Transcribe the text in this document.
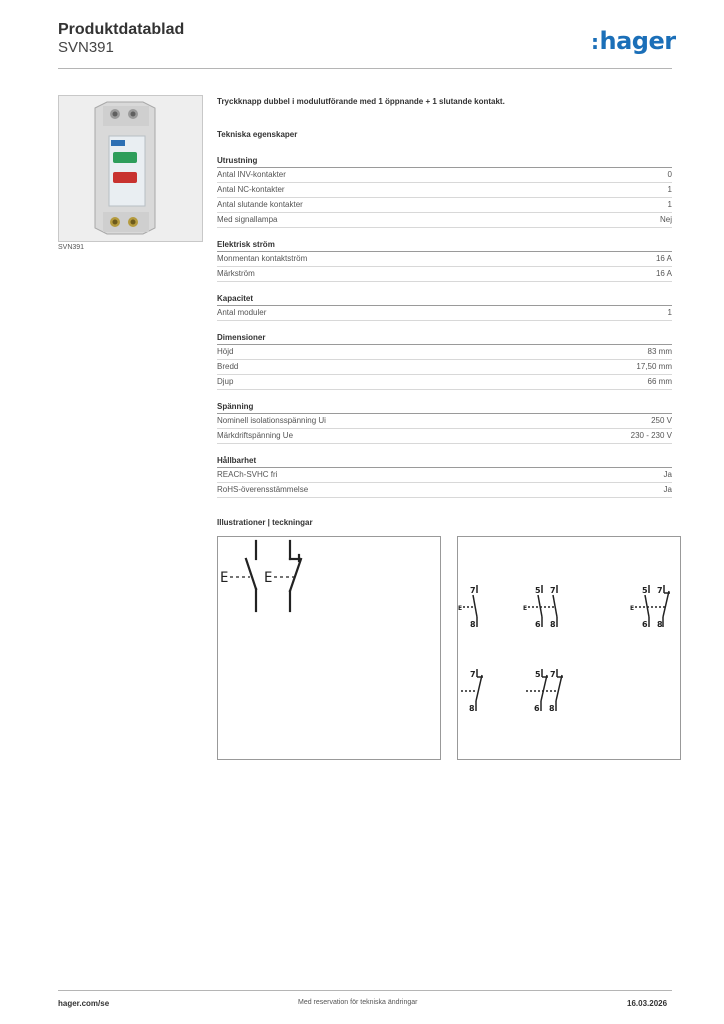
Produktdatablad
SVN391	:hager
SVN391
Tryckknapp dubbel i modulutförande med 1 öppnande + 1 slutande kontakt.
Tekniska egenskaper
Utrustning
Antal INV-kontakter	0
Antal NC-kontakter	1
Antal slutande kontakter	1
Med signallampa	Nej
Elektrisk ström
Monmentan kontaktström	16 A
Märkström	16 A
Kapacitet
Antal moduler	1
Dimensioner
Höjd	83 mm
Bredd	17,50 mm
Djup	66 mm
Spänning
Nominell isolationsspänning Ui	250 V
Märkdriftspänning Ue	230 - 230 V
Hållbarhet
REACh-SVHC fri	Ja
RoHS-överensstämmelse	Ja
Illustrationer | teckningar
E	E
7
8
E
5
6
7
8
E
5
6
7
8
E
7
8
5
6
7
8
hager.com/se	Med reservation för tekniska ändringar	16.03.2026
